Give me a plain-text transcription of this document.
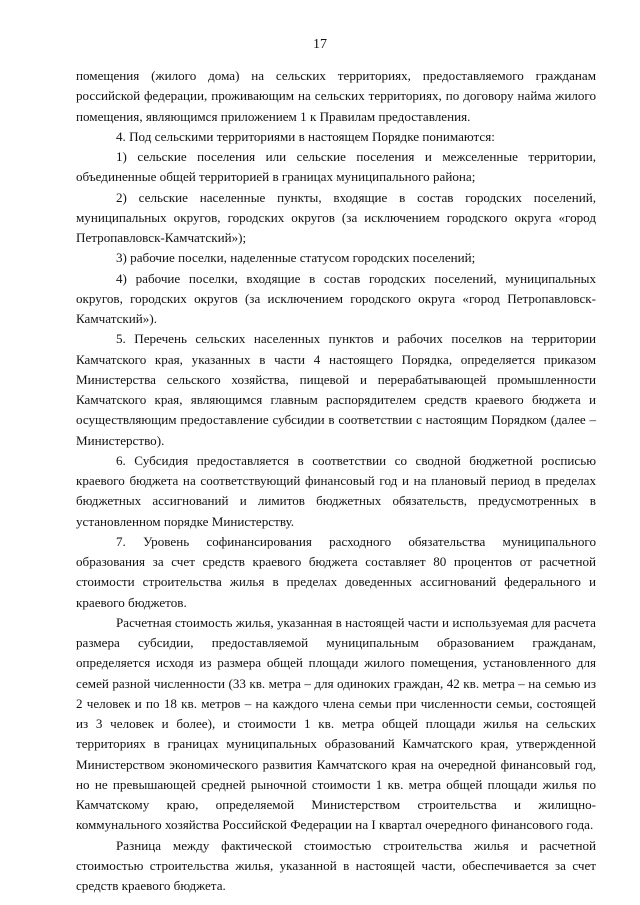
17

помещения (жилого дома) на сельских территориях, предоставляемого гражданам российской федерации, проживающим на сельских территориях, по договору найма жилого помещения, являющимся приложением 1 к Правилам предоставления.

4. Под сельскими территориями в настоящем Порядке понимаются:

1) сельские поселения или сельские поселения и межселенные территории, объединенные общей территорией в границах муниципального района;

2) сельские населенные пункты, входящие в состав городских поселений, муниципальных округов, городских округов (за исключением городского округа «город Петропавловск-Камчатский»);

3) рабочие поселки, наделенные статусом городских поселений;

4) рабочие поселки, входящие в состав городских поселений, муниципальных округов, городских округов (за исключением городского округа «город Петропавловск-Камчатский»).

5. Перечень сельских населенных пунктов и рабочих поселков на территории Камчатского края, указанных в части 4 настоящего Порядка, определяется приказом Министерства сельского хозяйства, пищевой и перерабатывающей промышленности Камчатского края, являющимся главным распорядителем средств краевого бюджета и осуществляющим предоставление субсидии в соответствии с настоящим Порядком (далее – Министерство).

6. Субсидия предоставляется в соответствии со сводной бюджетной росписью краевого бюджета на соответствующий финансовый год и на плановый период в пределах бюджетных ассигнований и лимитов бюджетных обязательств, предусмотренных в установленном порядке Министерству.

7. Уровень софинансирования расходного обязательства муниципального образования за счет средств краевого бюджета составляет 80 процентов от расчетной стоимости строительства жилья в пределах доведенных ассигнований федерального и краевого бюджетов.

Расчетная стоимость жилья, указанная в настоящей части и используемая для расчета размера субсидии, предоставляемой муниципальным образованием гражданам, определяется исходя из размера общей площади жилого помещения, установленного для семей разной численности (33 кв. метра – для одиноких граждан, 42 кв. метра – на семью из 2 человек и по 18 кв. метров – на каждого члена семьи при численности семьи, состоящей из 3 человек и более), и стоимости 1 кв. метра общей площади жилья на сельских территориях в границах муниципальных образований Камчатского края, утвержденной Министерством экономического развития Камчатского края на очередной финансовый год, но не превышающей средней рыночной стоимости 1 кв. метра общей площади жилья по Камчатскому краю, определяемой Министерством строительства и жилищно-коммунального хозяйства Российской Федерации на I квартал очередного финансового года.

Разница между фактической стоимостью строительства жилья и расчетной стоимостью строительства жилья, указанной в настоящей части, обеспечивается за счет средств краевого бюджета.
